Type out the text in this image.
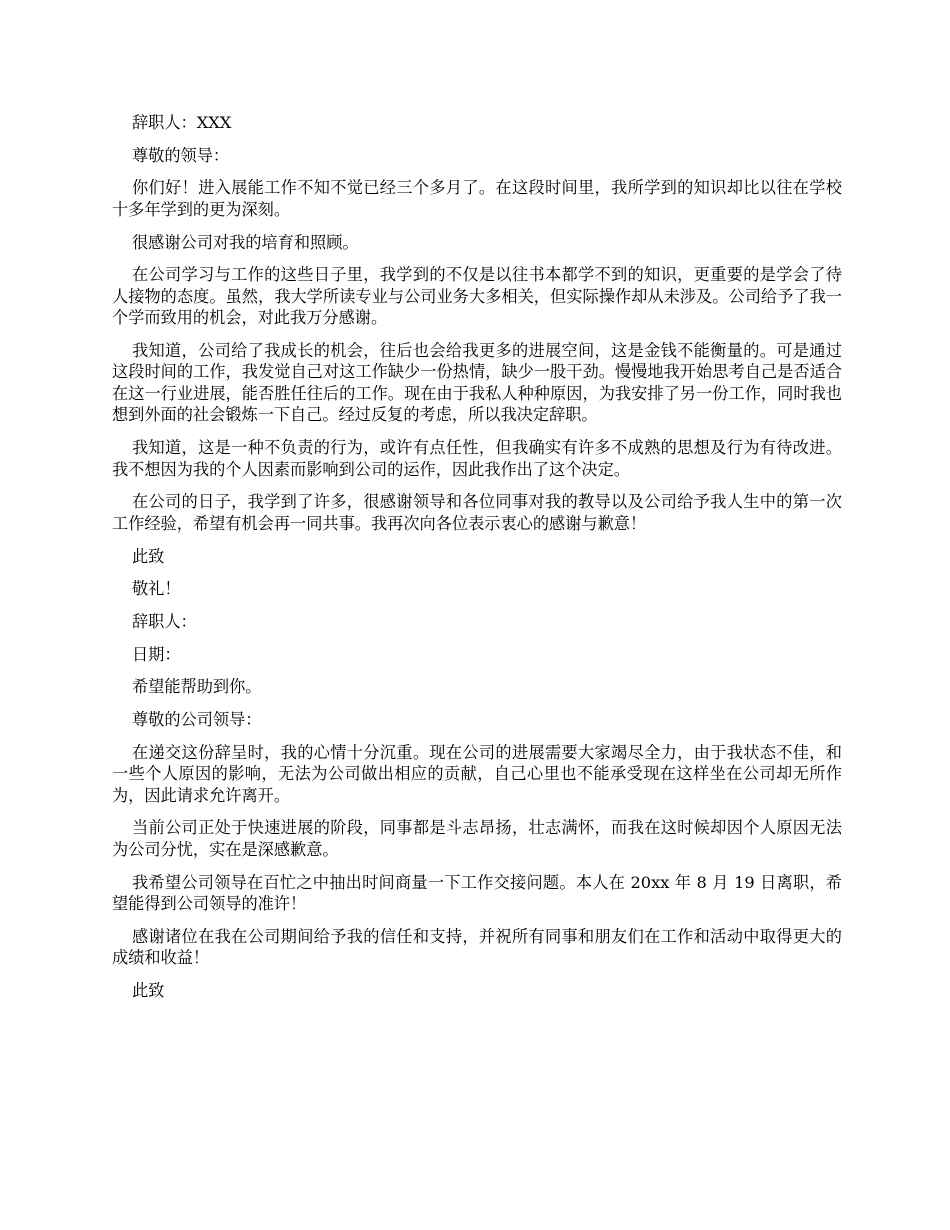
辞职人：XXX

尊敬的领导：

你们好！进入展能工作不知不觉已经三个多月了。在这段时间里，我所学到的知识却比以往在学校十多年学到的更为深刻。

很感谢公司对我的培育和照顾。

在公司学习与工作的这些日子里，我学到的不仅是以往书本都学不到的知识，更重要的是学会了待人接物的态度。虽然，我大学所读专业与公司业务大多相关，但实际操作却从未涉及。公司给予了我一个学而致用的机会，对此我万分感谢。

我知道，公司给了我成长的机会，往后也会给我更多的进展空间，这是金钱不能衡量的。可是通过这段时间的工作，我发觉自己对这工作缺少一份热情，缺少一股干劲。慢慢地我开始思考自己是否适合在这一行业进展，能否胜任往后的工作。现在由于我私人种种原因，为我安排了另一份工作，同时我也想到外面的社会锻炼一下自己。经过反复的考虑，所以我决定辞职。

我知道，这是一种不负责的行为，或许有点任性，但我确实有许多不成熟的思想及行为有待改进。我不想因为我的个人因素而影响到公司的运作，因此我作出了这个决定。

在公司的日子，我学到了许多，很感谢领导和各位同事对我的教导以及公司给予我人生中的第一次工作经验，希望有机会再一同共事。我再次向各位表示衷心的感谢与歉意！

此致

敬礼！

辞职人：

日期：

希望能帮助到你。

尊敬的公司领导：

在递交这份辞呈时，我的心情十分沉重。现在公司的进展需要大家竭尽全力，由于我状态不佳，和一些个人原因的影响，无法为公司做出相应的贡献，自己心里也不能承受现在这样坐在公司却无所作为，因此请求允许离开。

当前公司正处于快速进展的阶段，同事都是斗志昂扬，壮志满怀，而我在这时候却因个人原因无法为公司分忧，实在是深感歉意。

我希望公司领导在百忙之中抽出时间商量一下工作交接问题。本人在 20xx 年 8 月 19 日离职，希望能得到公司领导的准许！

感谢诸位在我在公司期间给予我的信任和支持，并祝所有同事和朋友们在工作和活动中取得更大的成绩和收益！

此致
